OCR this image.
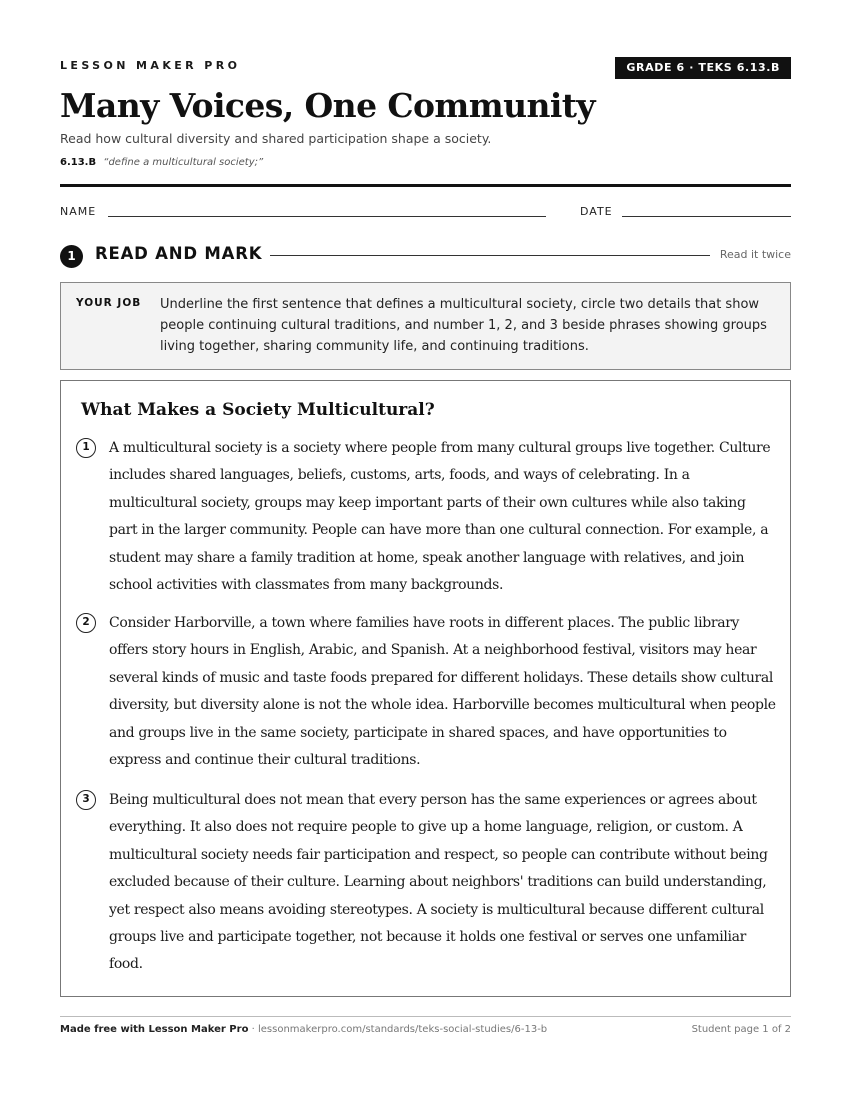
LESSON MAKER PRO	GRADE 6 · TEKS 6.13.B
Many Voices, One Community
Read how cultural diversity and shared participation shape a society.
6.13.B “define a multicultural society;”
NAME	DATE
1	READ AND MARK	Read it twice
YOUR JOB Underline the first sentence that defines a multicultural society, circle two details that show people continuing cultural traditions, and number 1, 2, and 3 beside phrases showing groups living together, sharing community life, and continuing traditions.
What Makes a Society Multicultural?
1	A multicultural society is a society where people from many cultural groups live together. Culture includes shared languages, beliefs, customs, arts, foods, and ways of celebrating. In a multicultural society, groups may keep important parts of their own cultures while also taking part in the larger community. People can have more than one cultural connection. For example, a student may share a family tradition at home, speak another language with relatives, and join school activities with classmates from many backgrounds.

2	Consider Harborville, a town where families have roots in different places. The public library offers story hours in English, Arabic, and Spanish. At a neighborhood festival, visitors may hear several kinds of music and taste foods prepared for different holidays. These details show cultural diversity, but diversity alone is not the whole idea. Harborville becomes multicultural when people and groups live in the same society, participate in shared spaces, and have opportunities to express and continue their cultural traditions.

3	Being multicultural does not mean that every person has the same experiences or agrees about everything. It also does not require people to give up a home language, religion, or custom. A multicultural society needs fair participation and respect, so people can contribute without being excluded because of their culture. Learning about neighbors' traditions can build understanding, yet respect also means avoiding stereotypes. A society is multicultural because different cultural groups live and participate together, not because it holds one festival or serves one unfamiliar food.

Made free with Lesson Maker Pro · lessonmakerpro.com/standards/teks-social-studies/6-13-b	Student page 1 of 2
